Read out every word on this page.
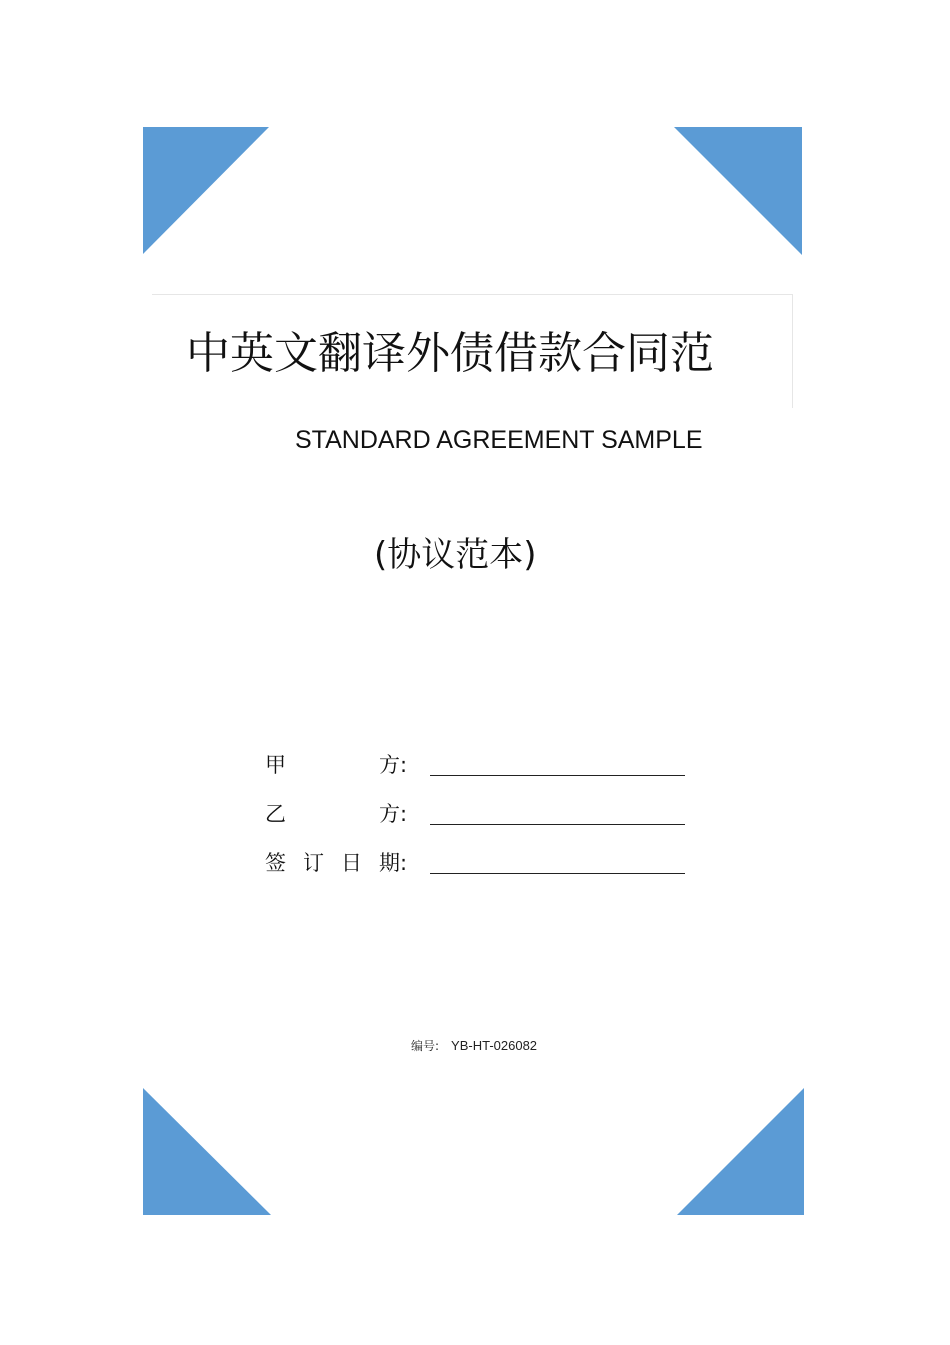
中英文翻译外债借款合同范
STANDARD AGREEMENT SAMPLE
(协议范本)
甲	方:
乙	方:
签 订 日 期:
编号: YB-HT-026082
